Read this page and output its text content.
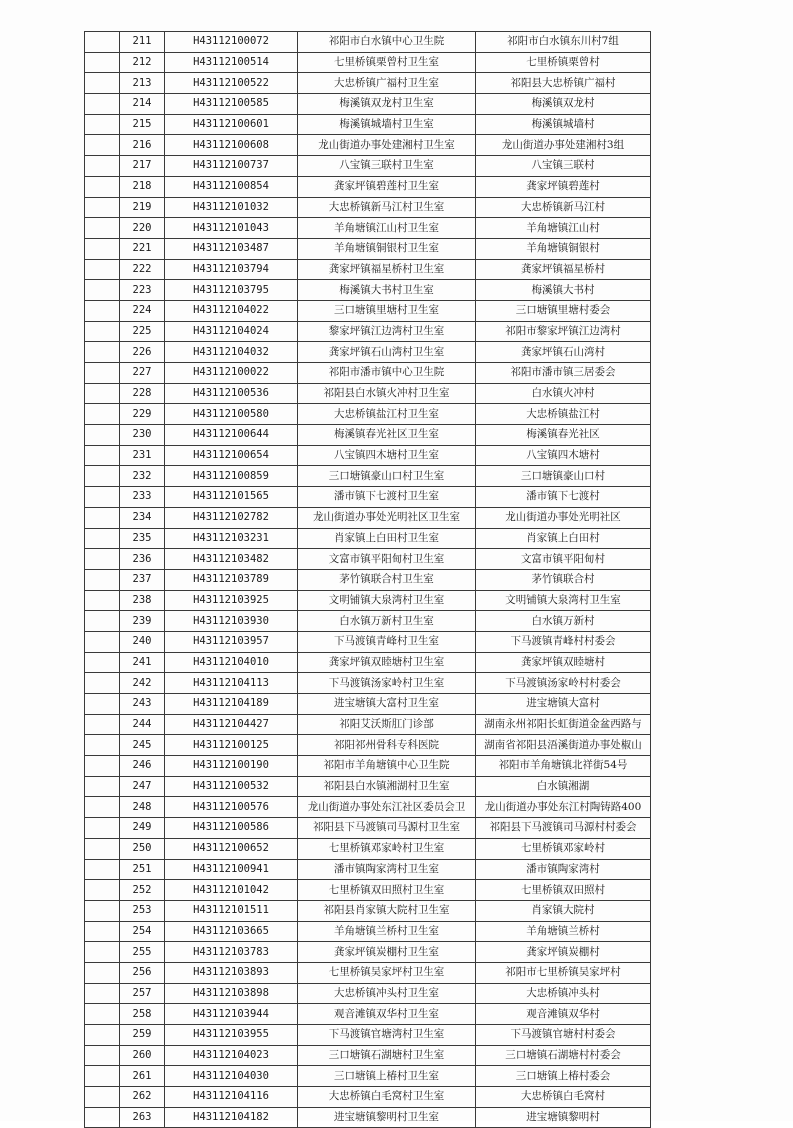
	211	H43112100072	祁阳市白水镇中心卫生院	祁阳市白水镇东川村7组
	212	H43112100514	七里桥镇栗曾村卫生室	七里桥镇栗曾村
	213	H43112100522	大忠桥镇广福村卫生室	祁阳县大忠桥镇广福村
	214	H43112100585	梅溪镇双龙村卫生室	梅溪镇双龙村
	215	H43112100601	梅溪镇城墙村卫生室	梅溪镇城墙村
	216	H43112100608	龙山街道办事处建湘村卫生室	龙山街道办事处建湘村3组
	217	H43112100737	八宝镇三联村卫生室	八宝镇三联村
	218	H43112100854	龚家坪镇碧莲村卫生室	龚家坪镇碧莲村
	219	H43112101032	大忠桥镇新马江村卫生室	大忠桥镇新马江村
	220	H43112101043	羊角塘镇江山村卫生室	羊角塘镇江山村
	221	H43112103487	羊角塘镇铜银村卫生室	羊角塘镇铜银村
	222	H43112103794	龚家坪镇福星桥村卫生室	龚家坪镇福星桥村
	223	H43112103795	梅溪镇大书村卫生室	梅溪镇大书村
	224	H43112104022	三口塘镇里塘村卫生室	三口塘镇里塘村委会
	225	H43112104024	黎家坪镇江边湾村卫生室	祁阳市黎家坪镇江边湾村
	226	H43112104032	龚家坪镇石山湾村卫生室	龚家坪镇石山湾村
	227	H43112100022	祁阳市潘市镇中心卫生院	祁阳市潘市镇三居委会
	228	H43112100536	祁阳县白水镇火冲村卫生室	白水镇火冲村
	229	H43112100580	大忠桥镇盐江村卫生室	大忠桥镇盐江村
	230	H43112100644	梅溪镇春光社区卫生室	梅溪镇春光社区
	231	H43112100654	八宝镇四木塘村卫生室	八宝镇四木塘村
	232	H43112100859	三口塘镇豪山口村卫生室	三口塘镇豪山口村
	233	H43112101565	潘市镇下七渡村卫生室	潘市镇下七渡村
	234	H43112102782	龙山街道办事处光明社区卫生室	龙山街道办事处光明社区
	235	H43112103231	肖家镇上白田村卫生室	肖家镇上白田村
	236	H43112103482	文富市镇平阳甸村卫生室	文富市镇平阳甸村
	237	H43112103789	茅竹镇联合村卫生室	茅竹镇联合村
	238	H43112103925	文明铺镇大泉湾村卫生室	文明铺镇大泉湾村卫生室
	239	H43112103930	白水镇万新村卫生室	白水镇万新村
	240	H43112103957	下马渡镇青峰村卫生室	下马渡镇青峰村村委会
	241	H43112104010	龚家坪镇双睦塘村卫生室	龚家坪镇双睦塘村
	242	H43112104113	下马渡镇汤家岭村卫生室	下马渡镇汤家岭村村委会
	243	H43112104189	进宝塘镇大富村卫生室	进宝塘镇大富村
	244	H43112104427	祁阳艾沃斯肛门诊部	湖南永州祁阳长虹街道金盆西路与
	245	H43112100125	祁阳祁州骨科专科医院	湖南省祁阳县浯溪街道办事处椒山
	246	H43112100190	祁阳市羊角塘镇中心卫生院	祁阳市羊角塘镇北祥街54号
	247	H43112100532	祁阳县白水镇湘湖村卫生室	白水镇湘湖
	248	H43112100576	龙山街道办事处东江社区委员会卫	龙山街道办事处东江村陶铸路400
	249	H43112100586	祁阳县下马渡镇司马源村卫生室	祁阳县下马渡镇司马源村村委会
	250	H43112100652	七里桥镇邓家岭村卫生室	七里桥镇邓家岭村
	251	H43112100941	潘市镇陶家湾村卫生室	潘市镇陶家湾村
	252	H43112101042	七里桥镇双田照村卫生室	七里桥镇双田照村
	253	H43112101511	祁阳县肖家镇大院村卫生室	肖家镇大院村
	254	H43112103665	羊角塘镇兰桥村卫生室	羊角塘镇兰桥村
	255	H43112103783	龚家坪镇炭棚村卫生室	龚家坪镇炭棚村
	256	H43112103893	七里桥镇吴家坪村卫生室	祁阳市七里桥镇吴家坪村
	257	H43112103898	大忠桥镇冲头村卫生室	大忠桥镇冲头村
	258	H43112103944	观音滩镇双华村卫生室	观音滩镇双华村
	259	H43112103955	下马渡镇官塘湾村卫生室	下马渡镇官塘村村委会
	260	H43112104023	三口塘镇石湖塘村卫生室	三口塘镇石湖塘村村委会
	261	H43112104030	三口塘镇上椿村卫生室	三口塘镇上椿村委会
	262	H43112104116	大忠桥镇白毛窝村卫生室	大忠桥镇白毛窝村
	263	H43112104182	进宝塘镇黎明村卫生室	进宝塘镇黎明村
